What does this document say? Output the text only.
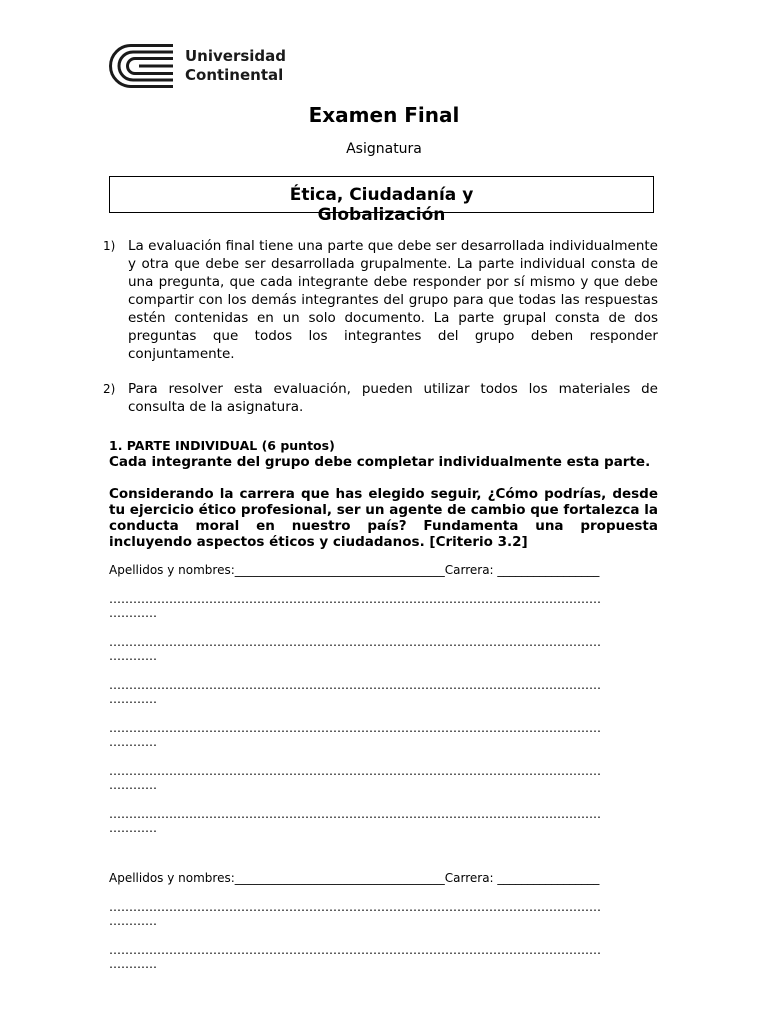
Universidad
Continental
Examen Final
Asignatura
Ética, Ciudadanía y Globalización
1) La evaluación final tiene una parte que debe ser desarrollada individualmente y otra que debe ser desarrollada grupalmente. La parte individual consta de una pregunta, que cada integrante debe responder por sí mismo y que debe compartir con los demás integrantes del grupo para que todas las respuestas estén contenidas en un solo documento. La parte grupal consta de dos preguntas que todos los integrantes del grupo deben responder conjuntamente.
2) Para resolver esta evaluación, pueden utilizar todos los materiales de consulta de la asignatura.
1. PARTE INDIVIDUAL (6 puntos)
Cada integrante del grupo debe completar individualmente esta parte.
Considerando la carrera que has elegido seguir, ¿Cómo podrías, desde tu ejercicio ético profesional, ser un agente de cambio que fortalezca la conducta moral en nuestro país? Fundamenta una propuesta incluyendo aspectos éticos y ciudadanos. [Criterio 3.2]
Apellidos y nombres:___________________________________Carrera: _________________
……………………………………………………………………………………………………………
…………
……………………………………………………………………………………………………………
…………
……………………………………………………………………………………………………………
…………
……………………………………………………………………………………………………………
…………
……………………………………………………………………………………………………………
…………
……………………………………………………………………………………………………………
…………
Apellidos y nombres:___________________________________Carrera: _________________
……………………………………………………………………………………………………………
…………
……………………………………………………………………………………………………………
…………
